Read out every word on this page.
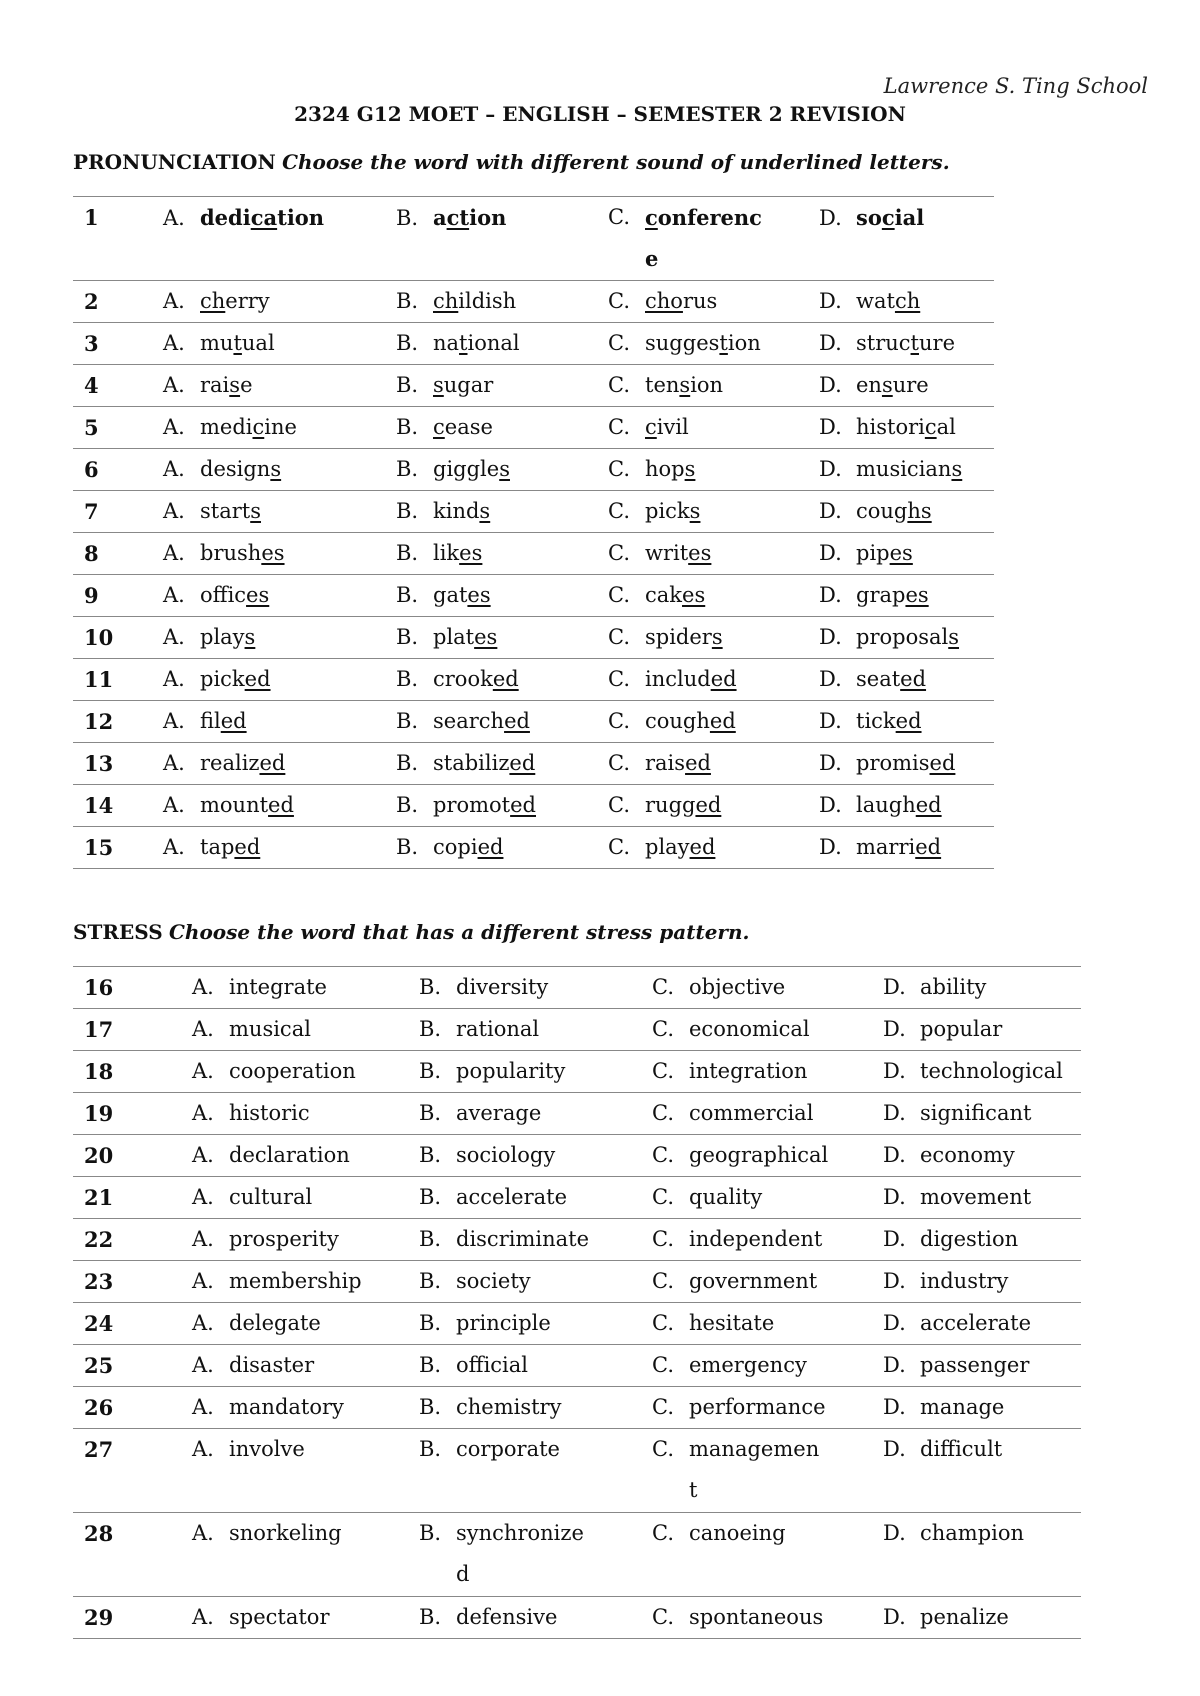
Lawrence S. Ting School
2324 G12 MOET – ENGLISH – SEMESTER 2 REVISION
PRONUNCIATION Choose the word with different sound of underlined letters.
1	A. dedication	B. action	C. conference	D. social
2	A. cherry	B. childish	C. chorus	D. watch
3	A. mutual	B. national	C. suggestion	D. structure
4	A. raise	B. sugar	C. tension	D. ensure
5	A. medicine	B. cease	C. civil	D. historical
6	A. designs	B. giggles	C. hops	D. musicians
7	A. starts	B. kinds	C. picks	D. coughs
8	A. brushes	B. likes	C. writes	D. pipes
9	A. offices	B. gates	C. cakes	D. grapes
10	A. plays	B. plates	C. spiders	D. proposals
11	A. picked	B. crooked	C. included	D. seated
12	A. filed	B. searched	C. coughed	D. ticked
13	A. realized	B. stabilized	C. raised	D. promised
14	A. mounted	B. promoted	C. rugged	D. laughed
15	A. taped	B. copied	C. played	D. married
STRESS Choose the word that has a different stress pattern.
16	A. integrate	B. diversity	C. objective	D. ability
17	A. musical	B. rational	C. economical	D. popular
18	A. cooperation	B. popularity	C. integration	D. technological
19	A. historic	B. average	C. commercial	D. significant
20	A. declaration	B. sociology	C. geographical	D. economy
21	A. cultural	B. accelerate	C. quality	D. movement
22	A. prosperity	B. discriminate	C. independent	D. digestion
23	A. membership	B. society	C. government	D. industry
24	A. delegate	B. principle	C. hesitate	D. accelerate
25	A. disaster	B. official	C. emergency	D. passenger
26	A. mandatory	B. chemistry	C. performance	D. manage
27	A. involve	B. corporate	C. management	D. difficult
28	A. snorkeling	B. synchronized	C. canoeing	D. champion
29	A. spectator	B. defensive	C. spontaneous	D. penalize
